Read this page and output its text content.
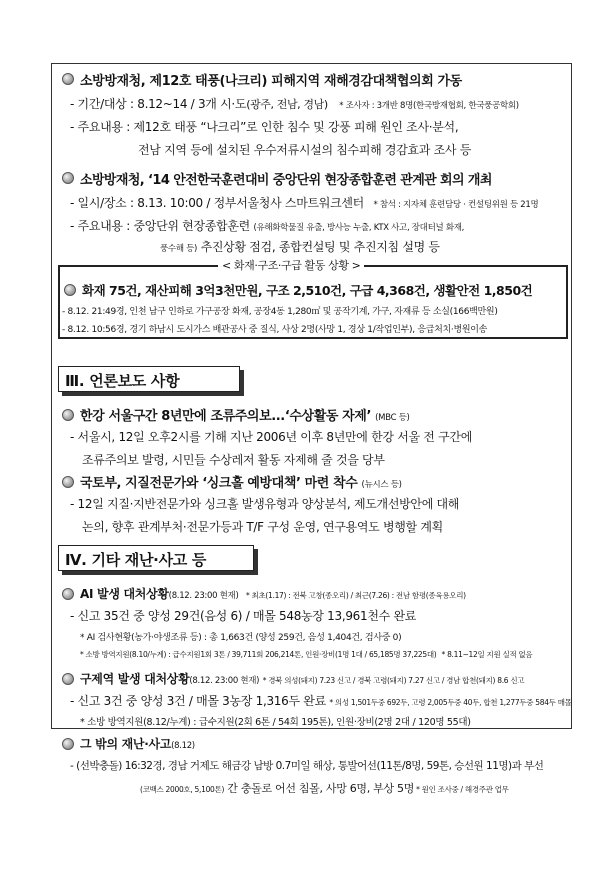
소방방재청, 제12호 태풍(나크리) 피해지역 재해경감대책협의회 가동
- 기간/대상 : 8.12~14 / 3개 시·도(광주, 전남, 경남) * 조사자 : 3개반 8명(한국방재협회, 한국풍공학회)
- 주요내용 : 제12호 태풍 “나크리”로 인한 침수 및 강풍 피해 원인 조사·분석,
전남 지역 등에 설치된 우수저류시설의 침수피해 경감효과 조사 등
소방방재청, ‘14 안전한국훈련대비 중앙단위 현장종합훈련 관계관 회의 개최
- 일시/장소 : 8.13. 10:00 / 정부서울청사 스마트워크센터 * 참석 : 지자체 훈련담당 · 컨설팅위원 등 21명
- 주요내용 : 중앙단위 현장종합훈련 (유해화학물질 유출, 방사능 누출, KTX 사고, 장대터널 화재,
풍수해 등) 추진상황 점검, 종합컨설팅 및 추진지침 설명 등
< 화재·구조·구급 활동 상황 >
화재 75건, 재산피해 3억3천만원, 구조 2,510건, 구급 4,368건, 생활안전 1,850건
- 8.12. 21:49경, 인천 남구 인하로 가구공장 화재, 공장4동 1,280㎡ 및 공작기계, 가구, 자재류 등 소실(166백만원)
- 8.12. 10:56경, 경기 하남시 도시가스 배관공사 중 질식, 사상 2명(사망 1, 경상 1/작업인부), 응급처치·병원이송
Ⅲ. 언론보도 사항
한강 서울구간 8년만에 조류주의보...‘수상활동 자제’ (MBC 등)
- 서울시, 12일 오후2시를 기해 지난 2006년 이후 8년만에 한강 서울 전 구간에
조류주의보 발령, 시민들 수상레저 활동 자제해 줄 것을 당부
국토부, 지질전문가와 ‘싱크홀 예방대책’ 마련 착수 (뉴시스 등)
- 12일 지질·지반전문가와 싱크홀 발생유형과 양상분석, 제도개선방안에 대해
논의, 향후 관계부처·전문가등과 T/F 구성 운영, 연구용역도 병행할 계획
Ⅳ. 기타 재난·사고 등
AI 발생 대처상황(8.12. 23:00 현재) * 최초(1.17) : 전북 고창(종오리) / 최근(7.26) : 전남 함평(종육용오리)
- 신고 35건 중 양성 29건(음성 6) / 매몰 548농장 13,961천수 완료
* AI 검사현황(농가·야생조류 등) : 총 1,663건 (양성 259건, 음성 1,404건, 검사중 0)
* 소방 방역지원(8.10/누계) : 급수지원1회 3톤 / 39,711회 206,214톤, 인원·장비(1명 1대 / 65,185명 37,225대) * 8.11~12일 지원 실적 없음
구제역 발생 대처상황(8.12. 23:00 현재) * 경북 의성(돼지) 7.23 신고 / 경북 고령(돼지) 7.27 신고 / 경남 합천(돼지) 8.6 신고
- 신고 3건 중 양성 3건 / 매몰 3농장 1,316두 완료 * 의성 1,501두중 692두, 고령 2,005두중 40두, 합천 1,277두중 584두 매몰
* 소방 방역지원(8.12/누계) : 급수지원(2회 6톤 / 54회 195톤), 인원·장비(2명 2대 / 120명 55대)
그 밖의 재난·사고(8.12)
- (선박충돌) 16:32경, 경남 거제도 해금강 남방 0.7미일 해상, 통발어선(11톤/8명, 59톤, 승선원 11명)과 부선
(코백스 2000호, 5,100톤) 간 충돌로 어선 침몰, 사망 6명, 부상 5명 * 원인 조사중 / 해경주관 업무
